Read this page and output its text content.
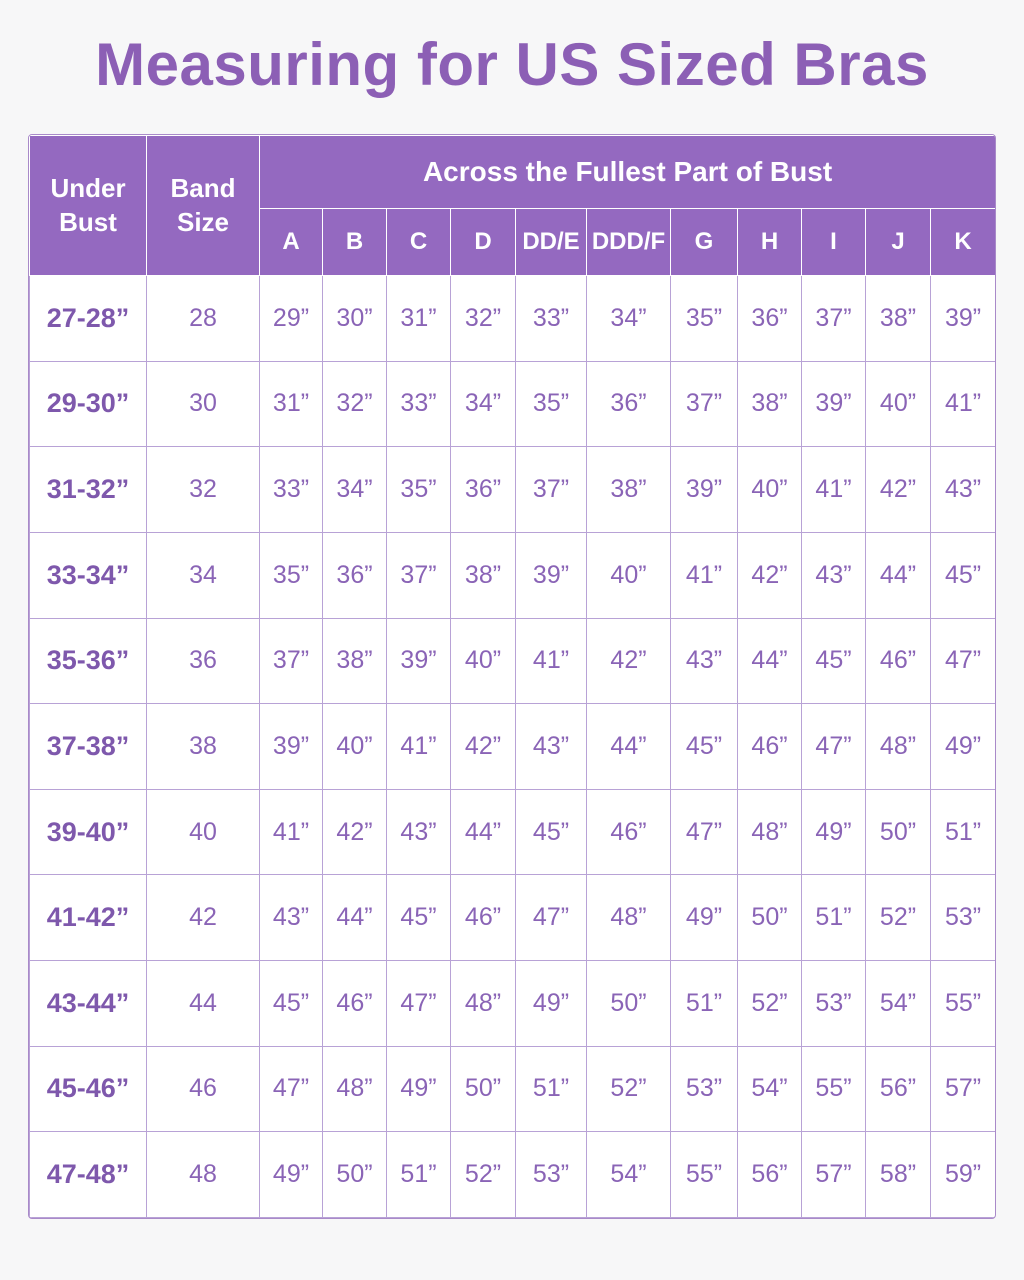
Measuring for US Sized Bras
Under Bust	Band Size	Across the Fullest Part of Bust										
		A	B	C	D	DD/E	DDD/F	G	H	I	J	K
27-28”	28	29”	30”	31”	32”	33”	34”	35”	36”	37”	38”	39”
29-30”	30	31”	32”	33”	34”	35”	36”	37”	38”	39”	40”	41”
31-32”	32	33”	34”	35”	36”	37”	38”	39”	40”	41”	42”	43”
33-34”	34	35”	36”	37”	38”	39”	40”	41”	42”	43”	44”	45”
35-36”	36	37”	38”	39”	40”	41”	42”	43”	44”	45”	46”	47”
37-38”	38	39”	40”	41”	42”	43”	44”	45”	46”	47”	48”	49”
39-40”	40	41”	42”	43”	44”	45”	46”	47”	48”	49”	50”	51”
41-42”	42	43”	44”	45”	46”	47”	48”	49”	50”	51”	52”	53”
43-44”	44	45”	46”	47”	48”	49”	50”	51”	52”	53”	54”	55”
45-46”	46	47”	48”	49”	50”	51”	52”	53”	54”	55”	56”	57”
47-48”	48	49”	50”	51”	52”	53”	54”	55”	56”	57”	58”	59”
